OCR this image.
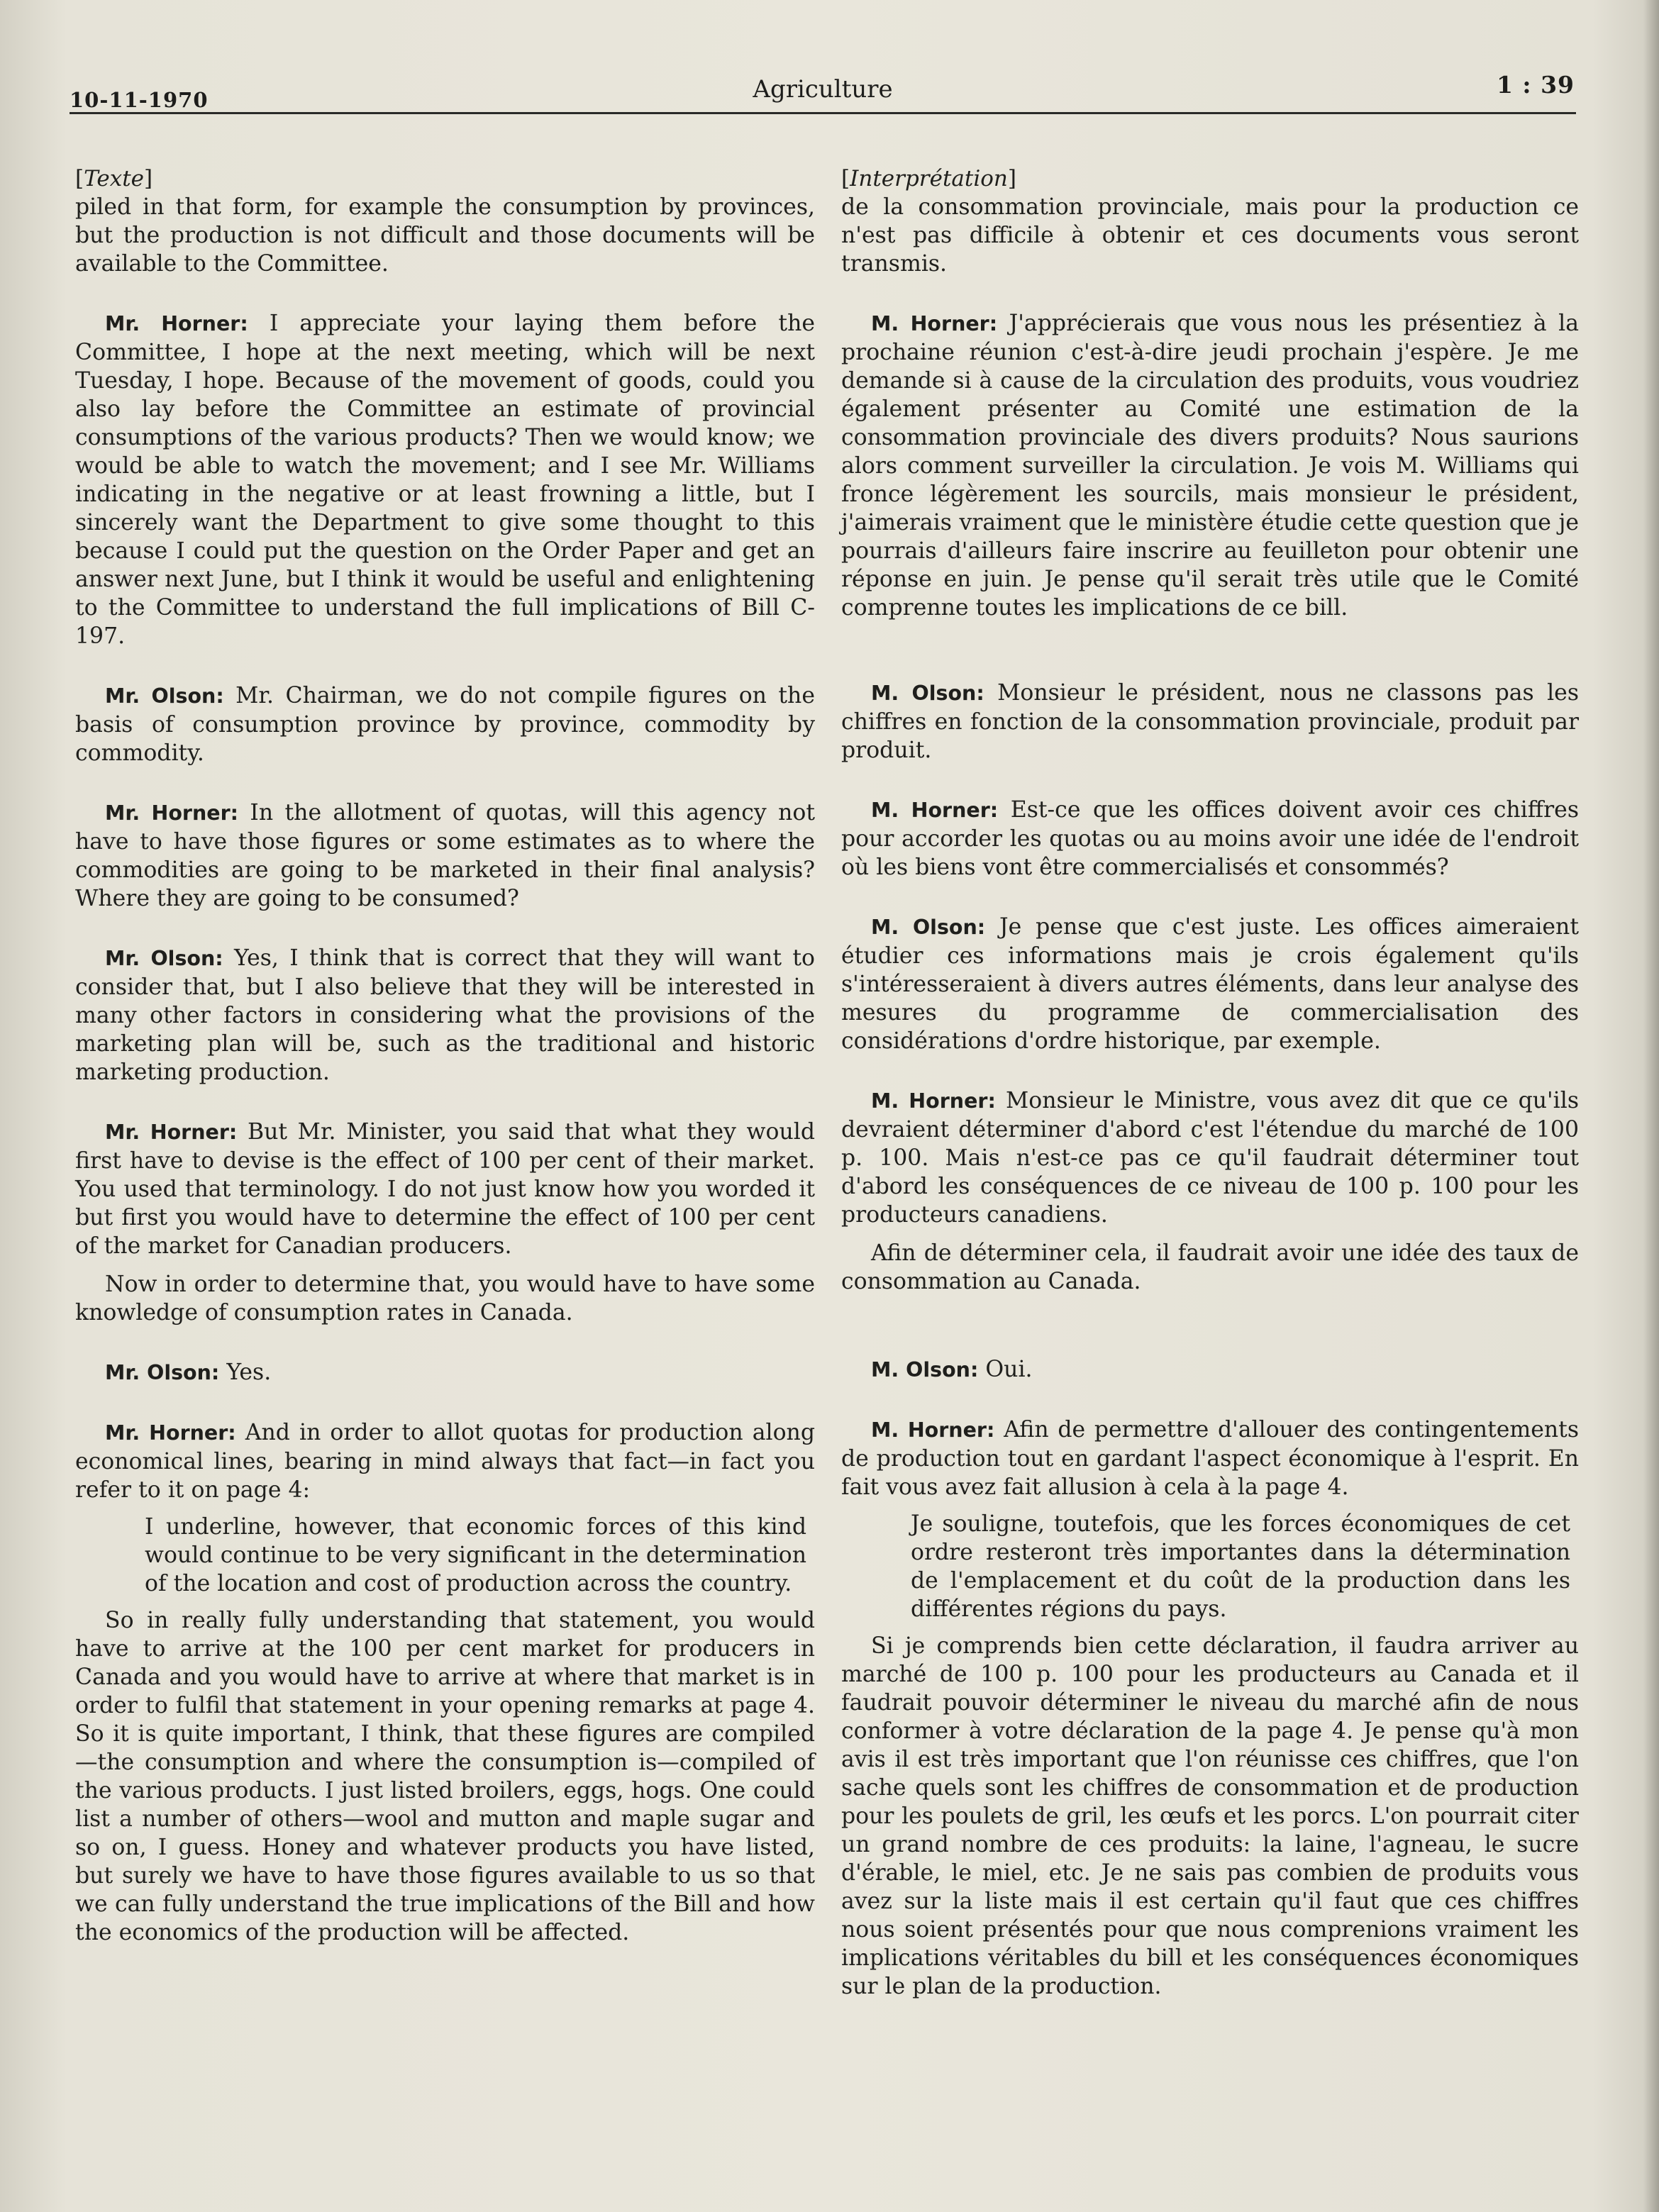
10-11-1970	Agriculture	1 : 39

[Texte]

piled in that form, for example the consumption by provinces, but the production is not difficult and those documents will be available to the Committee.

Mr. Horner: I appreciate your laying them before the Committee, I hope at the next meeting, which will be next Tuesday, I hope. Because of the movement of goods, could you also lay before the Committee an estimate of provincial consumptions of the various products? Then we would know; we would be able to watch the movement; and I see Mr. Williams indicating in the negative or at least frowning a little, but I sincerely want the Department to give some thought to this because I could put the question on the Order Paper and get an answer next June, but I think it would be useful and enlightening to the Committee to understand the full implications of Bill C-197.

Mr. Olson: Mr. Chairman, we do not compile figures on the basis of consumption province by province, commodity by commodity.

Mr. Horner: In the allotment of quotas, will this agency not have to have those figures or some estimates as to where the commodities are going to be marketed in their final analysis? Where they are going to be consumed?

Mr. Olson: Yes, I think that is correct that they will want to consider that, but I also believe that they will be interested in many other factors in considering what the provisions of the marketing plan will be, such as the traditional and historic marketing production.

Mr. Horner: But Mr. Minister, you said that what they would first have to devise is the effect of 100 per cent of their market. You used that terminology. I do not just know how you worded it but first you would have to determine the effect of 100 per cent of the market for Canadian producers.

Now in order to determine that, you would have to have some knowledge of consumption rates in Canada.

Mr. Olson: Yes.

Mr. Horner: And in order to allot quotas for production along economical lines, bearing in mind always that fact—in fact you refer to it on page 4:

I underline, however, that economic forces of this kind would continue to be very significant in the determination of the location and cost of production across the country.

So in really fully understanding that statement, you would have to arrive at the 100 per cent market for producers in Canada and you would have to arrive at where that market is in order to fulfil that statement in your opening remarks at page 4. So it is quite important, I think, that these figures are compiled—the consumption and where the consumption is—compiled of the various products. I just listed broilers, eggs, hogs. One could list a number of others—wool and mutton and maple sugar and so on, I guess. Honey and whatever products you have listed, but surely we have to have those figures available to us so that we can fully understand the true implications of the Bill and how the economics of the production will be affected.

[Interprétation]

de la consommation provinciale, mais pour la production ce n'est pas difficile à obtenir et ces documents vous seront transmis.

M. Horner: J'apprécierais que vous nous les présentiez à la prochaine réunion c'est-à-dire jeudi prochain j'espère. Je me demande si à cause de la circulation des produits, vous voudriez également présenter au Comité une estimation de la consommation provinciale des divers produits? Nous saurions alors comment surveiller la circulation. Je vois M. Williams qui fronce légèrement les sourcils, mais monsieur le président, j'aimerais vraiment que le ministère étudie cette question que je pourrais d'ailleurs faire inscrire au feuilleton pour obtenir une réponse en juin. Je pense qu'il serait très utile que le Comité comprenne toutes les implications de ce bill.

M. Olson: Monsieur le président, nous ne classons pas les chiffres en fonction de la consommation provinciale, produit par produit.

M. Horner: Est-ce que les offices doivent avoir ces chiffres pour accorder les quotas ou au moins avoir une idée de l'endroit où les biens vont être commercialisés et consommés?

M. Olson: Je pense que c'est juste. Les offices aimeraient étudier ces informations mais je crois également qu'ils s'intéresseraient à divers autres éléments, dans leur analyse des mesures du programme de commercialisation des considérations d'ordre historique, par exemple.

M. Horner: Monsieur le Ministre, vous avez dit que ce qu'ils devraient déterminer d'abord c'est l'étendue du marché de 100 p. 100. Mais n'est-ce pas ce qu'il faudrait déterminer tout d'abord les conséquences de ce niveau de 100 p. 100 pour les producteurs canadiens.

Afin de déterminer cela, il faudrait avoir une idée des taux de consommation au Canada.

M. Olson: Oui.

M. Horner: Afin de permettre d'allouer des contingentements de production tout en gardant l'aspect économique à l'esprit. En fait vous avez fait allusion à cela à la page 4.

Je souligne, toutefois, que les forces économiques de cet ordre resteront très importantes dans la détermination de l'emplacement et du coût de la production dans les différentes régions du pays.

Si je comprends bien cette déclaration, il faudra arriver au marché de 100 p. 100 pour les producteurs au Canada et il faudrait pouvoir déterminer le niveau du marché afin de nous conformer à votre déclaration de la page 4. Je pense qu'à mon avis il est très important que l'on réunisse ces chiffres, que l'on sache quels sont les chiffres de consommation et de production pour les poulets de gril, les œufs et les porcs. L'on pourrait citer un grand nombre de ces produits: la laine, l'agneau, le sucre d'érable, le miel, etc. Je ne sais pas combien de produits vous avez sur la liste mais il est certain qu'il faut que ces chiffres nous soient présentés pour que nous comprenions vraiment les implications véritables du bill et les conséquences économiques sur le plan de la production.
